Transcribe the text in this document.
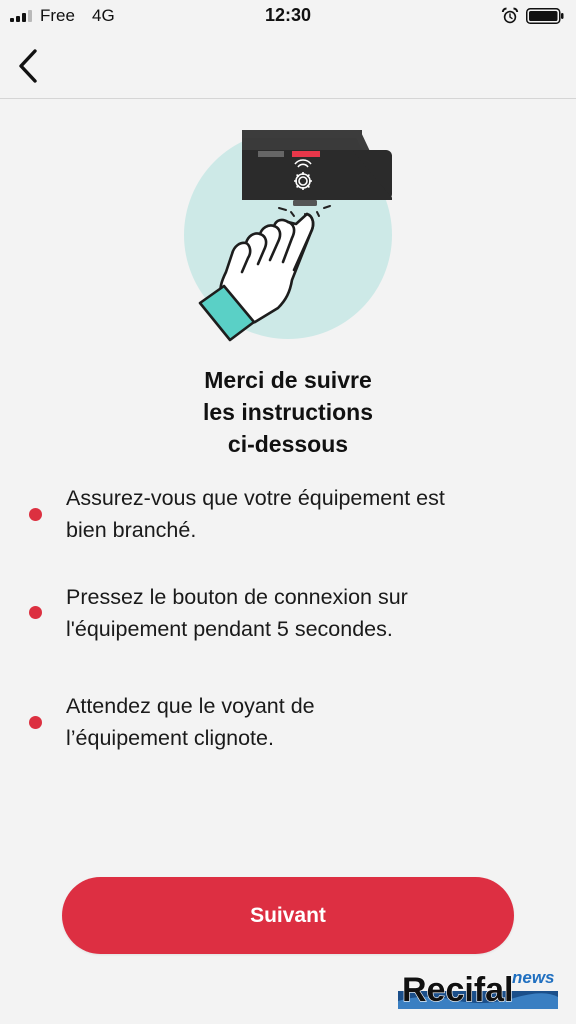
Free 4G	12:30
Merci de suivre
les instructions
ci-dessous
Assurez-vous que votre équipement est
bien branché.
Pressez le bouton de connexion sur
l'équipement pendant 5 secondes.
Attendez que le voyant de
l’équipement clignote.
Suivant
Recifal
news
